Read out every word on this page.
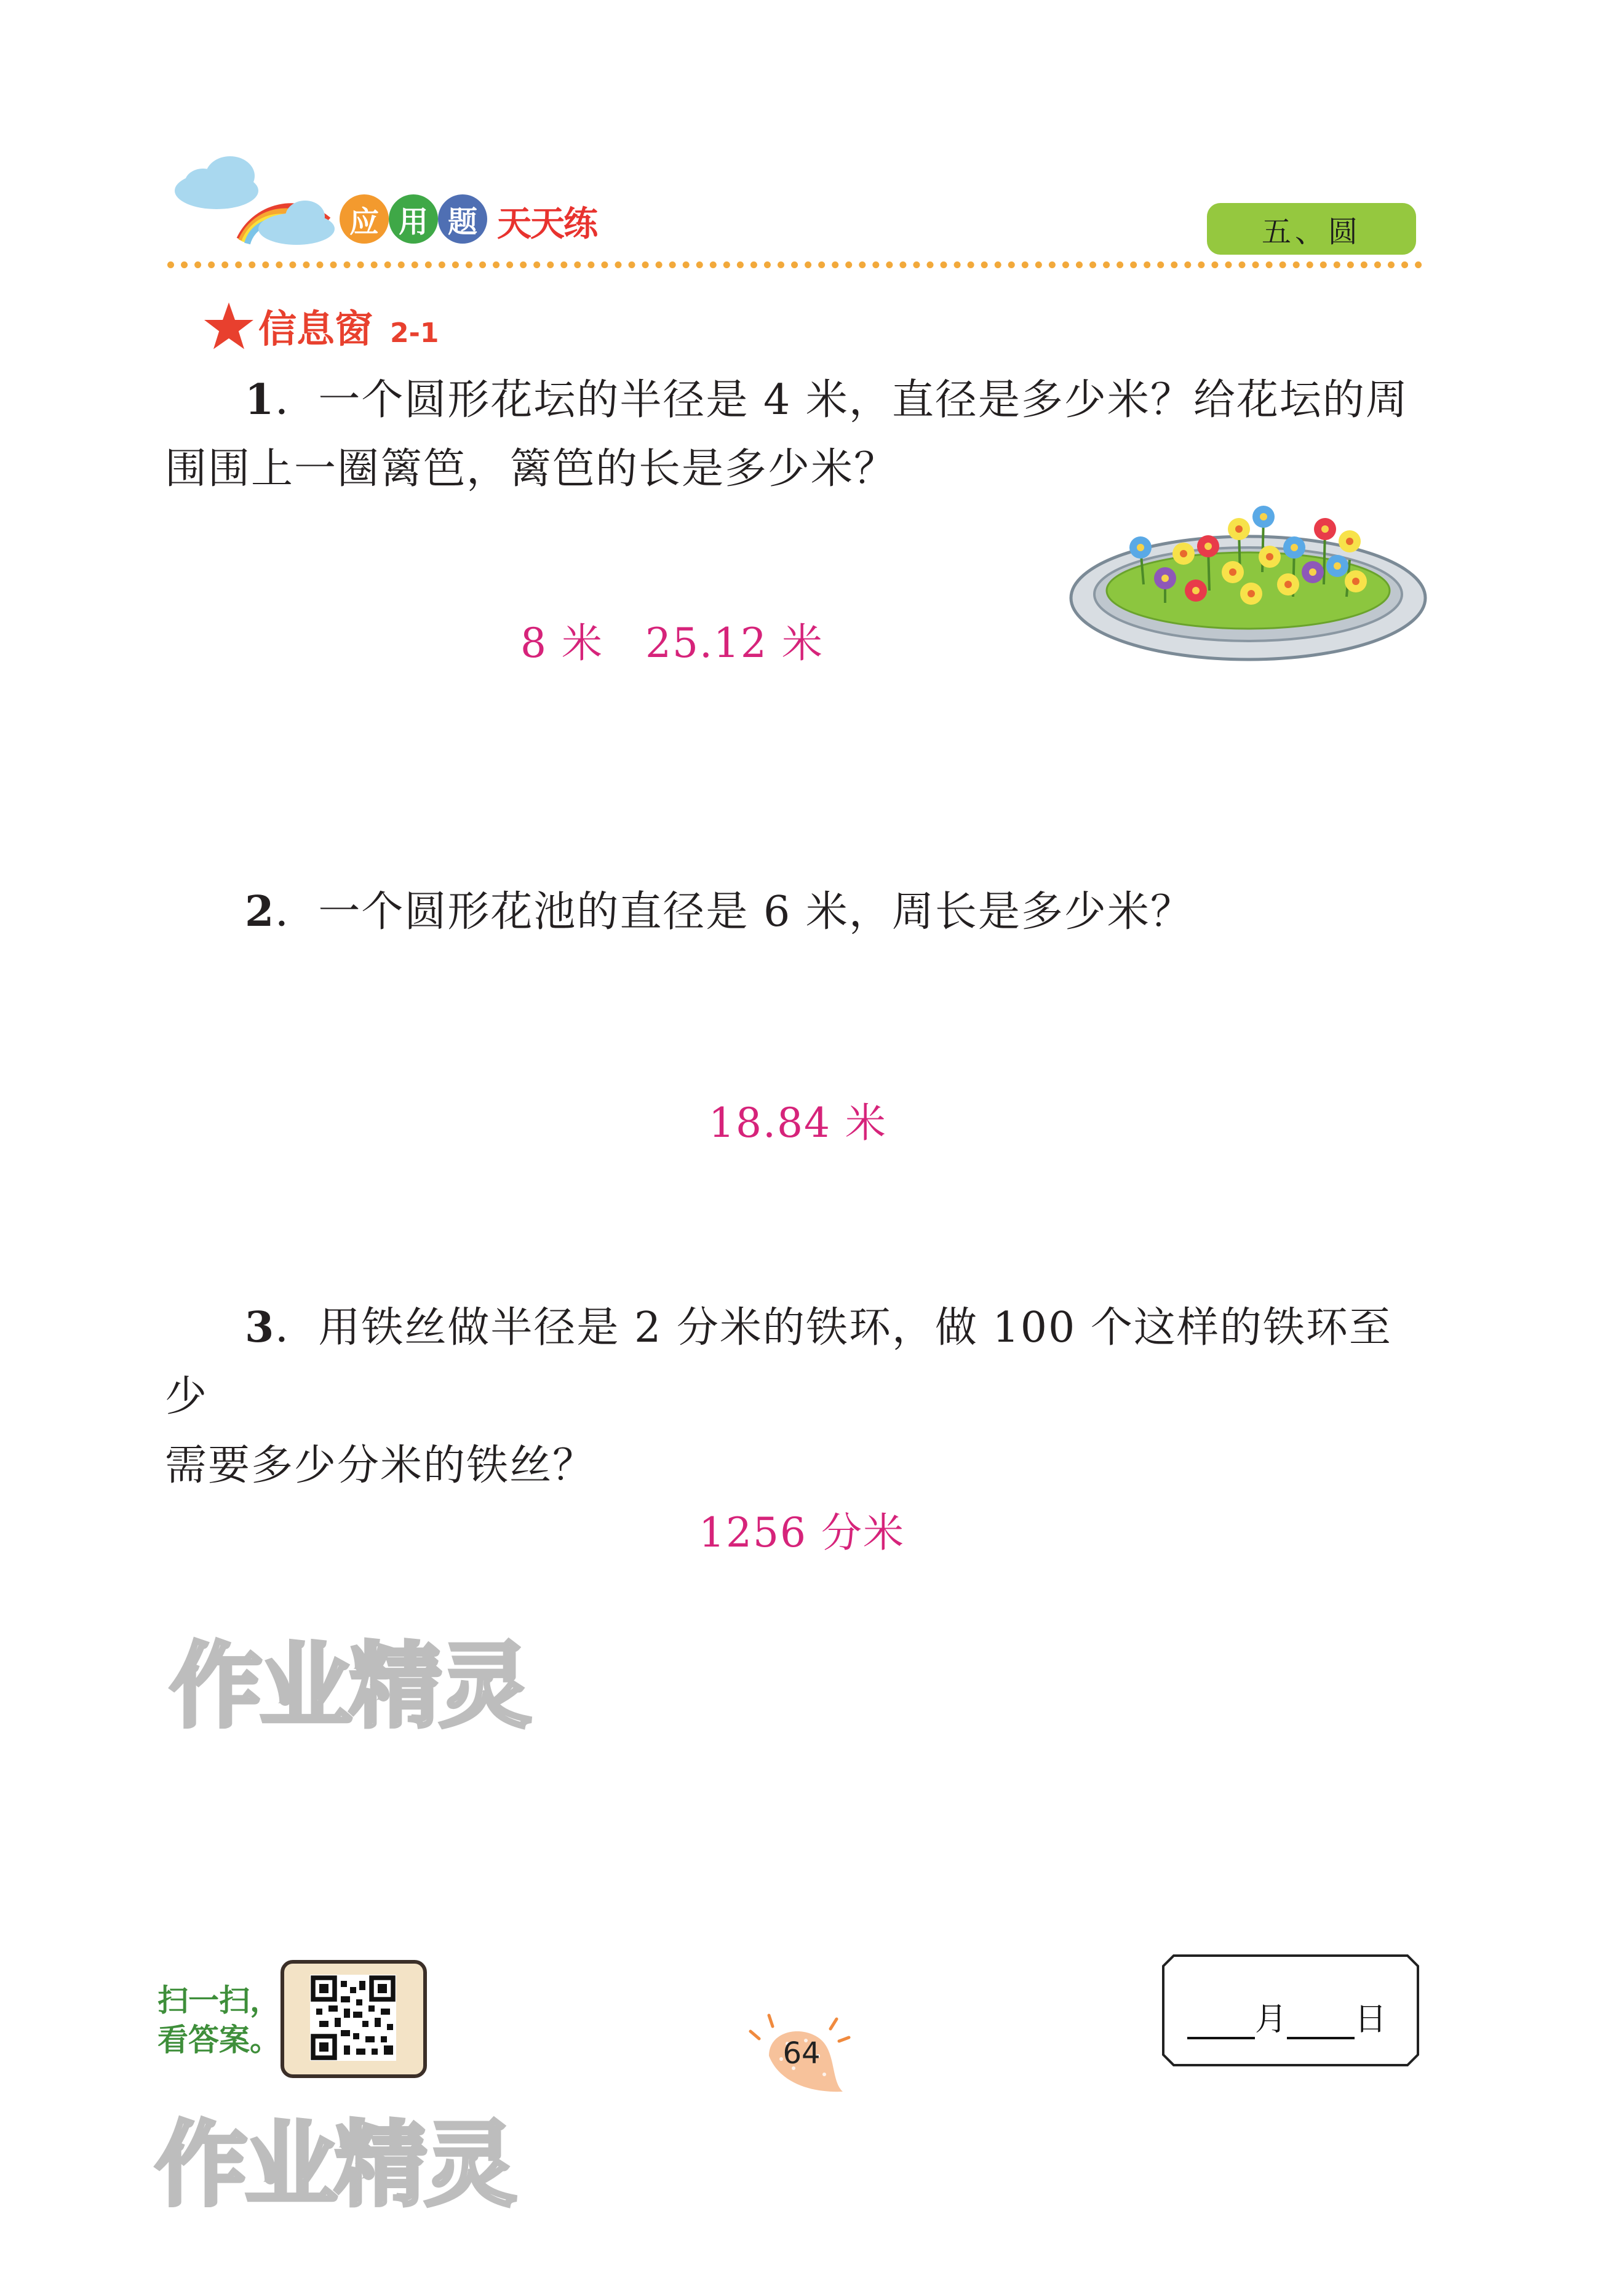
应 用 题 天天练	五、圆
信息窗 2-1
1．一个圆形花坛的半径是 4 米，直径是多少米？给花坛的周
围围上一圈篱笆，篱笆的长是多少米？
8 米　25.12 米
2．一个圆形花池的直径是 6 米，周长是多少米？
18.84 米
3．用铁丝做半径是 2 分米的铁环，做 100 个这样的铁环至少
需要多少分米的铁丝？
1256 分米
作业精灵
作业精灵
扫一扫，
看答案。	64
月 日
